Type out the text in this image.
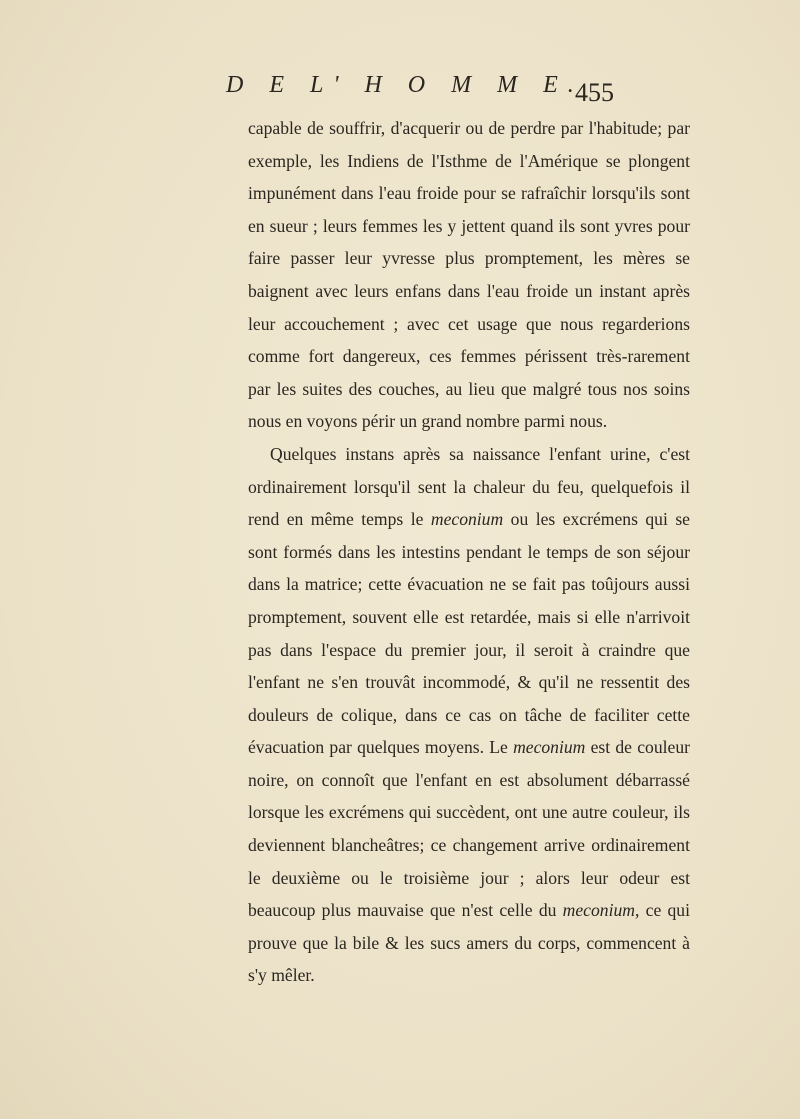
D E L' H O M M E.
455

capable de souffrir, d'acquerir ou de perdre par l'habitude; par exemple, les Indiens de l'Isthme de l'Amérique se plongent impunément dans l'eau froide pour se rafraîchir lorsqu'ils sont en sueur ; leurs femmes les y jettent quand ils sont yvres pour faire passer leur yvresse plus promptement, les mères se baignent avec leurs enfans dans l'eau froide un instant après leur accouchement ; avec cet usage que nous regarderions comme fort dangereux, ces femmes périssent très-rarement par les suites des couches, au lieu que malgré tous nos soins nous en voyons périr un grand nombre parmi nous.

Quelques instans après sa naissance l'enfant urine, c'est ordinairement lorsqu'il sent la chaleur du feu, quelquefois il rend en même temps le meconium ou les excrémens qui se sont formés dans les intestins pendant le temps de son séjour dans la matrice; cette évacuation ne se fait pas toûjours aussi promptement, souvent elle est retardée, mais si elle n'arrivoit pas dans l'espace du premier jour, il seroit à craindre que l'enfant ne s'en trouvât incommodé, & qu'il ne ressentit des douleurs de colique, dans ce cas on tâche de faciliter cette évacuation par quelques moyens. Le meconium est de couleur noire, on connoît que l'enfant en est absolument débarrassé lorsque les excrémens qui succèdent, ont une autre couleur, ils deviennent blancheâtres; ce changement arrive ordinairement le deuxième ou le troisième jour ; alors leur odeur est beaucoup plus mauvaise que n'est celle du meconium, ce qui prouve que la bile & les sucs amers du corps, commencent à s'y mêler.
